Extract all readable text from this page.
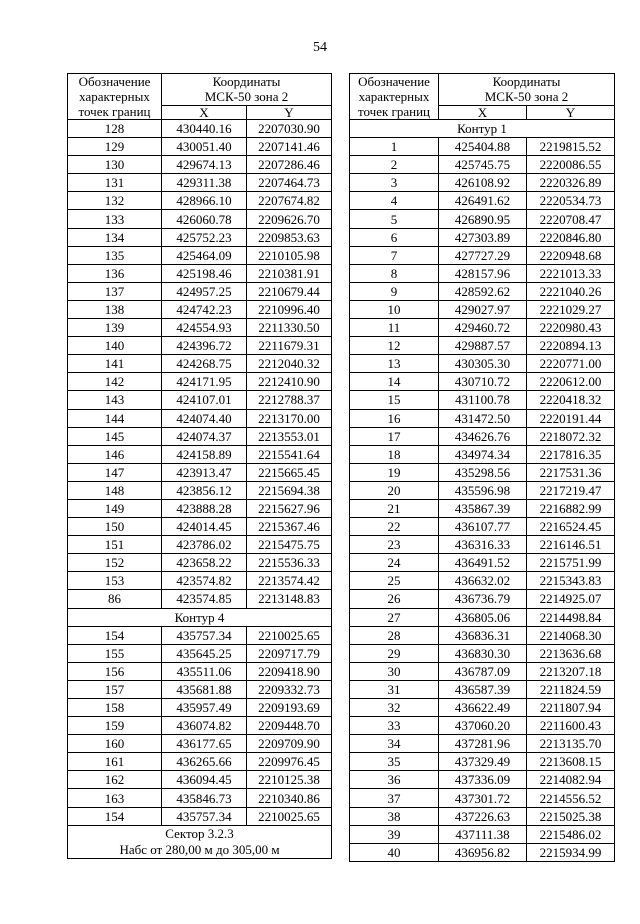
54
Обозначение
характерных
точек границ	Координаты
МСК-50 зона 2	
	X	Y
128	430440.16	2207030.90
129	430051.40	2207141.46
130	429674.13	2207286.46
131	429311.38	2207464.73
132	428966.10	2207674.82
133	426060.78	2209626.70
134	425752.23	2209853.63
135	425464.09	2210105.98
136	425198.46	2210381.91
137	424957.25	2210679.44
138	424742.23	2210996.40
139	424554.93	2211330.50
140	424396.72	2211679.31
141	424268.75	2212040.32
142	424171.95	2212410.90
143	424107.01	2212788.37
144	424074.40	2213170.00
145	424074.37	2213553.01
146	424158.89	2215541.64
147	423913.47	2215665.45
148	423856.12	2215694.38
149	423888.28	2215627.96
150	424014.45	2215367.46
151	423786.02	2215475.75
152	423658.22	2215536.33
153	423574.82	2213574.42
86	423574.85	2213148.83
Контур 4		
154	435757.34	2210025.65
155	435645.25	2209717.79
156	435511.06	2209418.90
157	435681.88	2209332.73
158	435957.49	2209193.69
159	436074.82	2209448.70
160	436177.65	2209709.90
161	436265.66	2209976.45
162	436094.45	2210125.38
163	435846.73	2210340.86
154	435757.34	2210025.65
Сектор 3.2.3
Набс от 280,00 м до 305,00 м		
Обозначение
характерных
точек границ	Координаты
МСК-50 зона 2	
	X	Y
Контур 1		
1	425404.88	2219815.52
2	425745.75	2220086.55
3	426108.92	2220326.89
4	426491.62	2220534.73
5	426890.95	2220708.47
6	427303.89	2220846.80
7	427727.29	2220948.68
8	428157.96	2221013.33
9	428592.62	2221040.26
10	429027.97	2221029.27
11	429460.72	2220980.43
12	429887.57	2220894.13
13	430305.30	2220771.00
14	430710.72	2220612.00
15	431100.78	2220418.32
16	431472.50	2220191.44
17	434626.76	2218072.32
18	434974.34	2217816.35
19	435298.56	2217531.36
20	435596.98	2217219.47
21	435867.39	2216882.99
22	436107.77	2216524.45
23	436316.33	2216146.51
24	436491.52	2215751.99
25	436632.02	2215343.83
26	436736.79	2214925.07
27	436805.06	2214498.84
28	436836.31	2214068.30
29	436830.30	2213636.68
30	436787.09	2213207.18
31	436587.39	2211824.59
32	436622.49	2211807.94
33	437060.20	2211600.43
34	437281.96	2213135.70
35	437329.49	2213608.15
36	437336.09	2214082.94
37	437301.72	2214556.52
38	437226.63	2215025.38
39	437111.38	2215486.02
40	436956.82	2215934.99
